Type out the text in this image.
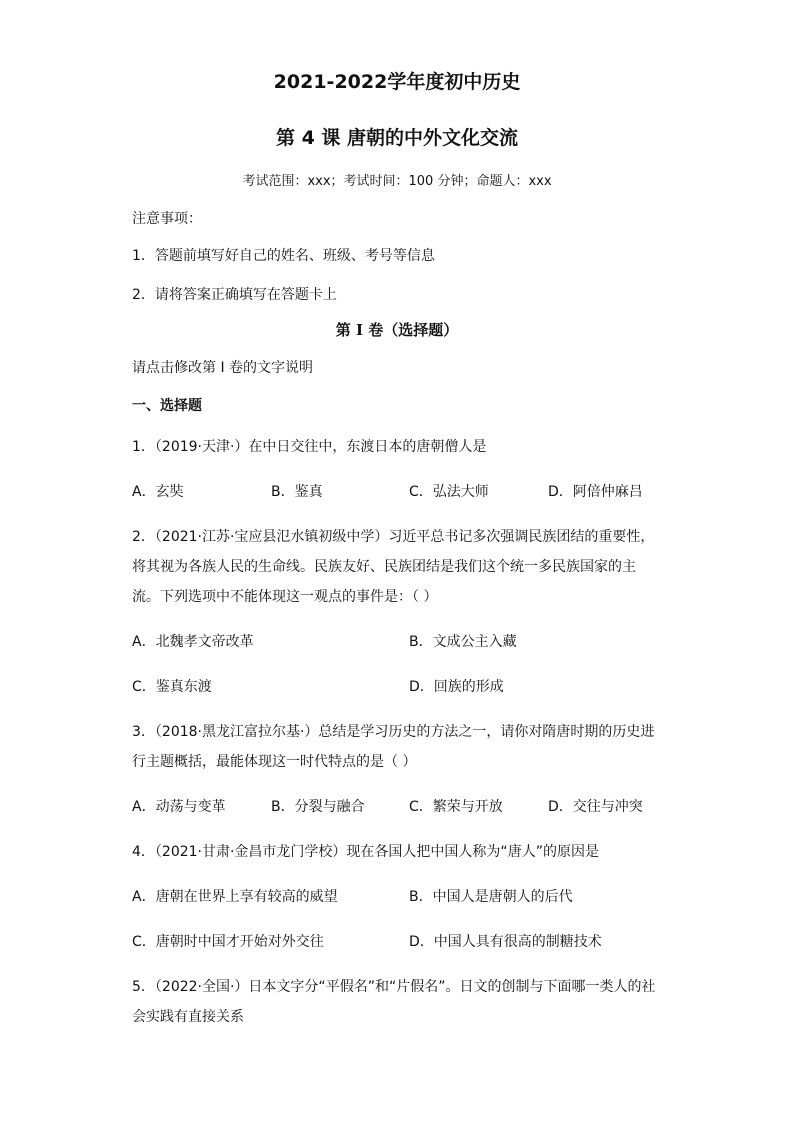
2021-2022学年度初中历史
第 4 课 唐朝的中外文化交流
考试范围：xxx；考试时间：100 分钟；命题人：xxx
注意事项：
1．答题前填写好自己的姓名、班级、考号等信息
2．请将答案正确填写在答题卡上
第 I 卷（选择题）
请点击修改第 I 卷的文字说明
一、选择题
1．（2019·天津·）在中日交往中，东渡日本的唐朝僧人是
A．玄奘	B．鉴真	C．弘法大师	D．阿倍仲麻吕
2．（2021·江苏·宝应县氾水镇初级中学）习近平总书记多次强调民族团结的重要性，
将其视为各族人民的生命线。民族友好、民族团结是我们这个统一多民族国家的主
流。下列选项中不能体现这一观点的事件是：（ ）
A．北魏孝文帝改革	B．文成公主入藏
C．鉴真东渡	D．回族的形成
3．（2018·黑龙江富拉尔基·）总结是学习历史的方法之一，请你对隋唐时期的历史进
行主题概括，最能体现这一时代特点的是（ ）
A．动荡与变革	B．分裂与融合	C．繁荣与开放	D．交往与冲突
4．（2021·甘肃·金昌市龙门学校）现在各国人把中国人称为“唐人”的原因是
A．唐朝在世界上享有较高的威望	B．中国人是唐朝人的后代
C．唐朝时中国才开始对外交往	D．中国人具有很高的制糖技术
5．（2022·全国·）日本文字分“平假名”和“片假名”。日文的创制与下面哪一类人的社
会实践有直接关系
